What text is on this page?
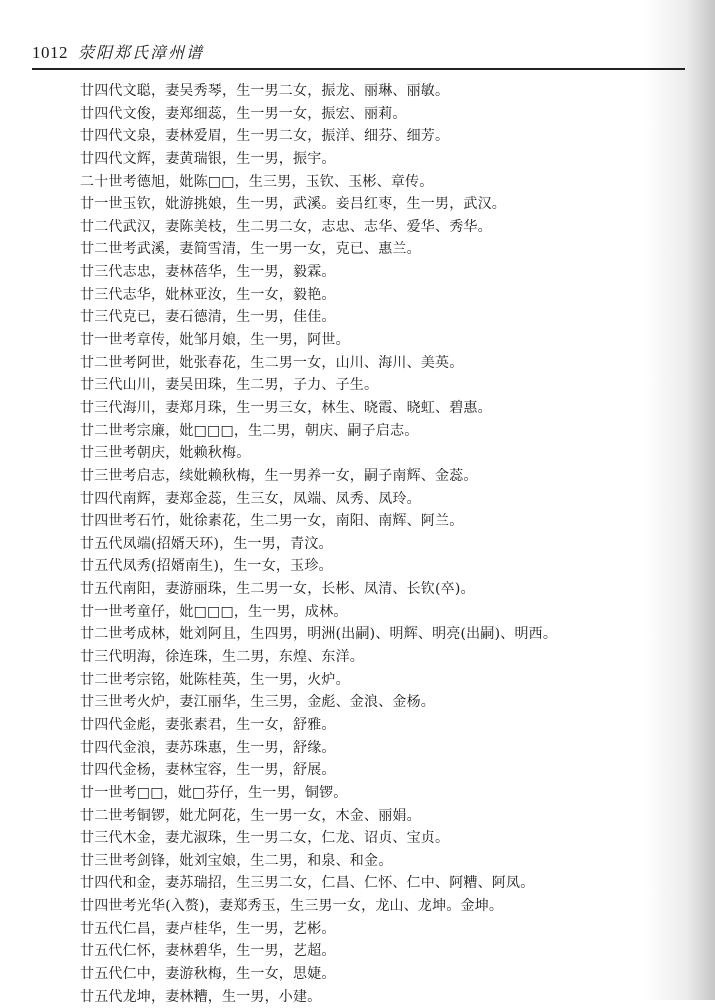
1012 荥阳郑氏漳州谱
廿四代文聪，妻吴秀琴，生一男二女，振龙、丽琳、丽敏。
廿四代文俊，妻郑细蕊，生一男一女，振宏、丽莉。
廿四代文泉，妻林爱眉，生一男二女，振洋、细芬、细芳。
廿四代文辉，妻黄瑞银，生一男，振宇。
二十世考德旭，妣陈□□，生三男，玉钦、玉彬、章传。
廿一世玉钦，妣游挑娘，生一男，武溪。妾吕红枣，生一男，武汉。
廿二代武汉，妻陈美枝，生二男二女，志忠、志华、爱华、秀华。
廿二世考武溪，妻简雪清，生一男一女，克已、惠兰。
廿三代志忠，妻林蓓华，生一男，毅霖。
廿三代志华，妣林亚汝，生一女，毅艳。
廿三代克已，妻石德清，生一男，佳佳。
廿一世考章传，妣邹月娘，生一男，阿世。
廿二世考阿世，妣张春花，生二男一女，山川、海川、美英。
廿三代山川，妻吴田珠，生二男，子力、子生。
廿三代海川，妻郑月珠，生一男三女，林生、晓霞、晓虹、碧惠。
廿二世考宗廉，妣□□□，生二男，朝庆、嗣子启志。
廿三世考朝庆，妣赖秋梅。
廿三世考启志，续妣赖秋梅，生一男养一女，嗣子南辉、金蕊。
廿四代南辉，妻郑金蕊，生三女，凤端、凤秀、凤玲。
廿四世考石竹，妣徐素花，生二男一女，南阳、南辉、阿兰。
廿五代凤端(招婿天环)，生一男，青汶。
廿五代凤秀(招婿南生)，生一女，玉珍。
廿五代南阳，妻游丽珠，生二男一女，长彬、凤清、长钦(卒)。
廿一世考童仔，妣□□□，生一男，成林。
廿二世考成林，妣刘阿且，生四男，明洲(出嗣)、明辉、明亮(出嗣)、明西。
廿三代明海，徐连珠，生二男，东煌、东洋。
廿二世考宗铭，妣陈桂英，生一男，火炉。
廿三世考火炉，妻江丽华，生三男，金彪、金浪、金杨。
廿四代金彪，妻张素君，生一女，舒雅。
廿四代金浪，妻苏珠惠，生一男，舒缘。
廿四代金杨，妻林宝容，生一男，舒展。
廿一世考□□，妣□芬仔，生一男，铜锣。
廿二世考铜锣，妣尤阿花，生一男一女，木金、丽娟。
廿三代木金，妻尤淑珠，生一男二女，仁龙、诏贞、宝贞。
廿三世考剑锋，妣刘宝娘，生二男，和泉、和金。
廿四代和金，妻苏瑞招，生三男二女，仁昌、仁怀、仁中、阿糟、阿凤。
廿四世考光华(入赘)，妻郑秀玉，生三男一女，龙山、龙坤。金坤。
廿五代仁昌，妻卢桂华，生一男，艺彬。
廿五代仁怀，妻林碧华，生一男，艺超。
廿五代仁中，妻游秋梅，生一女，思婕。
廿五代龙坤，妻林糟，生一男，小建。
